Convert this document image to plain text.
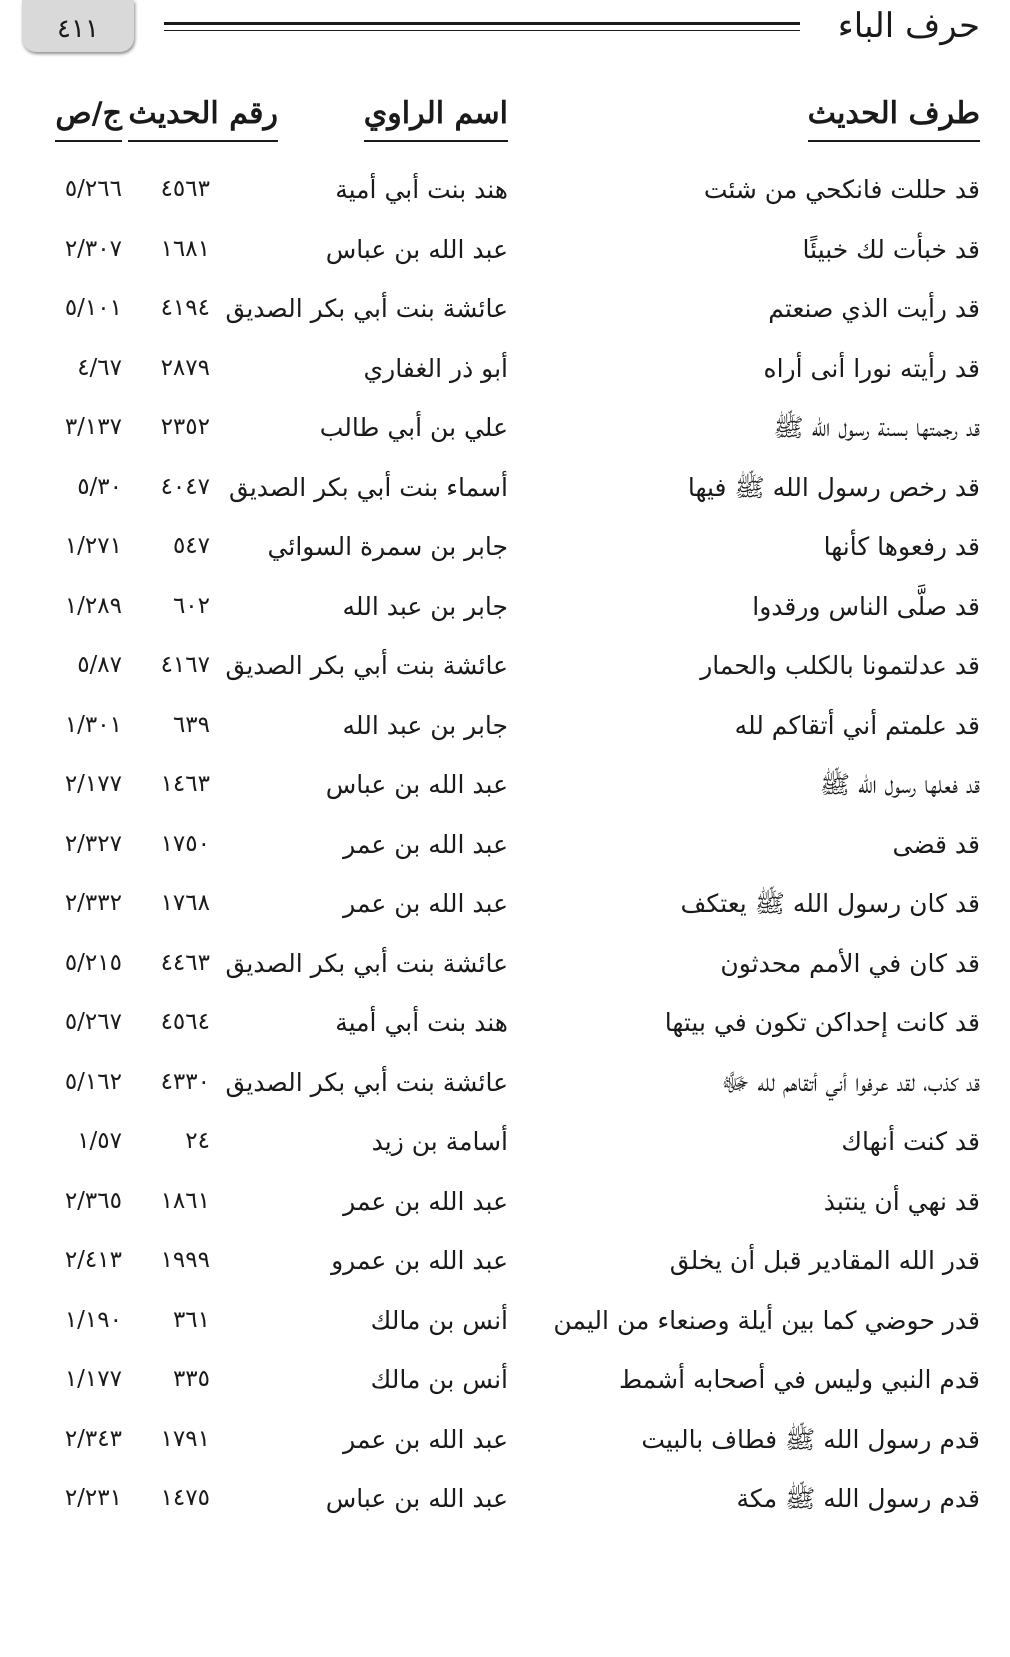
حرف الباء
٤١١
طرف الحديث
اسم الراوي
رقم الحديث
ج/ص
قد حللت فانكحي من شئت
هند بنت أبي أمية
٤٥٦٣
٥/٢٦٦
قد خبأت لك خبيئًا
عبد الله بن عباس
١٦٨١
٢/٣٠٧
قد رأيت الذي صنعتم
عائشة بنت أبي بكر الصديق
٤١٩٤
٥/١٠١
قد رأيته نورا أنى أراه
أبو ذر الغفاري
٢٨٧٩
٤/٦٧
قد رجمتها بسنة رسول الله ﷺ
علي بن أبي طالب
٢٣٥٢
٣/١٣٧
قد رخص رسول الله ﷺ فيها
أسماء بنت أبي بكر الصديق
٤٠٤٧
٥/٣٠
قد رفعوها كأنها
جابر بن سمرة السوائي
٥٤٧
١/٢٧١
قد صلَّى الناس ورقدوا
جابر بن عبد الله
٦٠٢
١/٢٨٩
قد عدلتمونا بالكلب والحمار
عائشة بنت أبي بكر الصديق
٤١٦٧
٥/٨٧
قد علمتم أني أتقاكم لله
جابر بن عبد الله
٦٣٩
١/٣٠١
قد فعلها رسول الله ﷺ
عبد الله بن عباس
١٤٦٣
٢/١٧٧
قد قضى
عبد الله بن عمر
١٧٥٠
٢/٣٢٧
قد كان رسول الله ﷺ يعتكف
عبد الله بن عمر
١٧٦٨
٢/٣٣٢
قد كان في الأمم محدثون
عائشة بنت أبي بكر الصديق
٤٤٦٣
٥/٢١٥
قد كانت إحداكن تكون في بيتها
هند بنت أبي أمية
٤٥٦٤
٥/٢٦٧
قد كذب، لقد عرفوا أني أتقاهم لله ﷻ
عائشة بنت أبي بكر الصديق
٤٣٣٠
٥/١٦٢
قد كنت أنهاك
أسامة بن زيد
٢٤
١/٥٧
قد نهي أن ينتبذ
عبد الله بن عمر
١٨٦١
٢/٣٦٥
قدر الله المقادير قبل أن يخلق
عبد الله بن عمرو
١٩٩٩
٢/٤١٣
قدر حوضي كما بين أيلة وصنعاء من اليمن
أنس بن مالك
٣٦١
١/١٩٠
قدم النبي وليس في أصحابه أشمط
أنس بن مالك
٣٣٥
١/١٧٧
قدم رسول الله ﷺ فطاف بالبيت
عبد الله بن عمر
١٧٩١
٢/٣٤٣
قدم رسول الله ﷺ مكة
عبد الله بن عباس
١٤٧٥
٢/٢٣١
